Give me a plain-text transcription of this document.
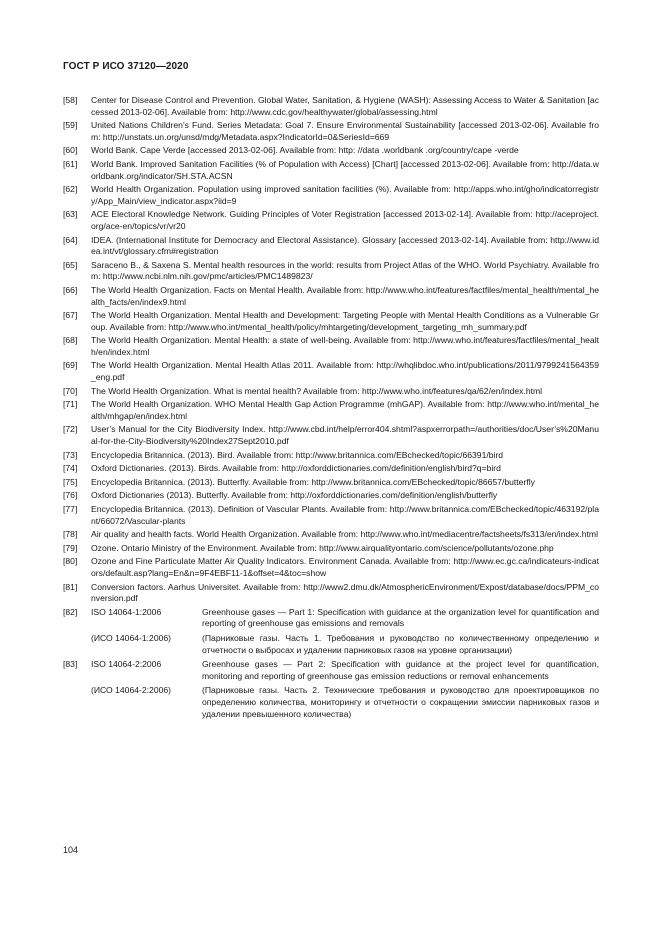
ГОСТ Р ИСО 37120—2020
[58]	Center for Disease Control and Prevention. Global Water, Sanitation, & Hygiene (WASH): Assessing Access to Water & Sanitation [accessed 2013-02-06]. Available from: http://www.cdc.gov/healthywater/global/assessing.html
[59]	United Nations Children’s Fund. Series Metadata: Goal 7. Ensure Environmental Sustainability [accessed 2013-02-06]. Available from: http://unstats.un.org/unsd/mdg/Metadata.aspx?IndicatorId=0&SeriesId=669
[60]	World Bank. Cape Verde [accessed 2013-02-06]. Available from: http: //data .worldbank .org/country/cape -verde
[61]	World Bank. Improved Sanitation Facilities (% of Population with Access) [Chart] [accessed 2013-02-06]. Available from: http://data.worldbank.org/indicator/SH.STA.ACSN
[62]	World Health Organization. Population using improved sanitation facilities (%). Available from: http://apps.who.int/gho/indicatorregistry/App_Main/view_indicator.aspx?iid=9
[63]	ACE Electoral Knowledge Network. Guiding Principles of Voter Registration [accessed 2013-02-14]. Available from: http://aceproject.org/ace-en/topics/vr/vr20
[64]	IDEA. (International Institute for Democracy and Electoral Assistance). Glossary [accessed 2013-02-14]. Available from: http://www.idea.int/vt/glossary.cfm#registration
[65]	Saraceno B., & Saxena S. Mental health resources in the world: results from Project Atlas of the WHO. World Psychiatry. Available from: http://www.ncbi.nlm.nih.gov/pmc/articles/PMC1489823/
[66]	The World Health Organization. Facts on Mental Health. Available from: http://www.who.int/features/factfiles/mental_health/mental_health_facts/en/index9.html
[67]	The World Health Organization. Mental Health and Development: Targeting People with Mental Health Conditions as a Vulnerable Group. Available from: http://www.who.int/mental_health/policy/mhtargeting/development_targeting_mh_summary.pdf
[68]	The World Health Organization. Mental Health: a state of well-being. Available from: http://www.who.int/features/factfiles/mental_health/en/index.html
[69]	The World Health Organization. Mental Health Atlas 2011. Available from: http://whqlibdoc.who.int/publications/2011/9799241564359_eng.pdf
[70]	The World Health Organization. What is mental health? Available from: http://www.who.int/features/qa/62/en/index.html
[71]	The World Health Organization. WHO Mental Health Gap Action Programme (mhGAP). Available from: http://www.who.int/mental_health/mhgap/en/index.html
[72]	User’s Manual for the City Biodiversity Index. http://www.cbd.int/help/error404.shtml?aspxerrorpath=/authorities/doc/User’s%20Manual-for-the-City-Biodiversity%20Index27Sept2010.pdf
[73]	Encyclopedia Britannica. (2013). Bird. Available from: http://www.britannica.com/EBchecked/topic/66391/bird
[74]	Oxford Dictionaries. (2013). Birds. Available from: http://oxforddictionaries.com/definition/english/bird?q=bird
[75]	Encyclopedia Britannica. (2013). Butterfly. Available from: http://www.britannica.com/EBchecked/topic/86657/butterfly
[76]	Oxford Dictionaries (2013). Butterfly. Available from: http://oxforddictionaries.com/definition/english/butterfly
[77]	Encyclopedia Britannica. (2013). Definition of Vascular Plants. Available from: http://www.britannica.com/EBchecked/topic/463192/plant/66072/Vascular-plants
[78]	Air quality and health facts. World Health Organization. Available from: http://www.who.int/mediacentre/factsheets/fs313/en/index.html
[79]	Ozone. Ontario Ministry of the Environment. Available from: http://www.airqualityontario.com/science/pollutants/ozone.php
[80]	Ozone and Fine Particulate Matter Air Quality Indicators. Environment Canada. Available from: http://www.ec.gc.ca/indicateurs-indicators/default.asp?lang=En&n=9F4EBF11-1&offset=4&toc=show
[81]	Conversion factors. Aarhus Universitet. Available from: http://www2.dmu.dk/AtmosphericEnvironment/Expost/database/docs/PPM_conversion.pdf
[82]	ISO 14064-1:2006	Greenhouse gases — Part 1: Specification with guidance at the organization level for quantification and reporting of greenhouse gas emissions and removals
(ИСО 14064-1:2006)	(Парниковые газы. Часть 1. Требования и руководство по количественному определению и отчетности о выбросах и удалении парниковых газов на уровне организации)
[83]	ISO 14064-2:2006	Greenhouse gases — Part 2: Specification with guidance at the project level for quantification, monitoring and reporting of greenhouse gas emission reductions or removal enhancements
(ИСО 14064-2:2006)	(Парниковые газы. Часть 2. Технические требования и руководство для проектировщиков по определению количества, мониторингу и отчетности о сокращении эмиссии парниковых газов и удалении превышенного количества)
104
